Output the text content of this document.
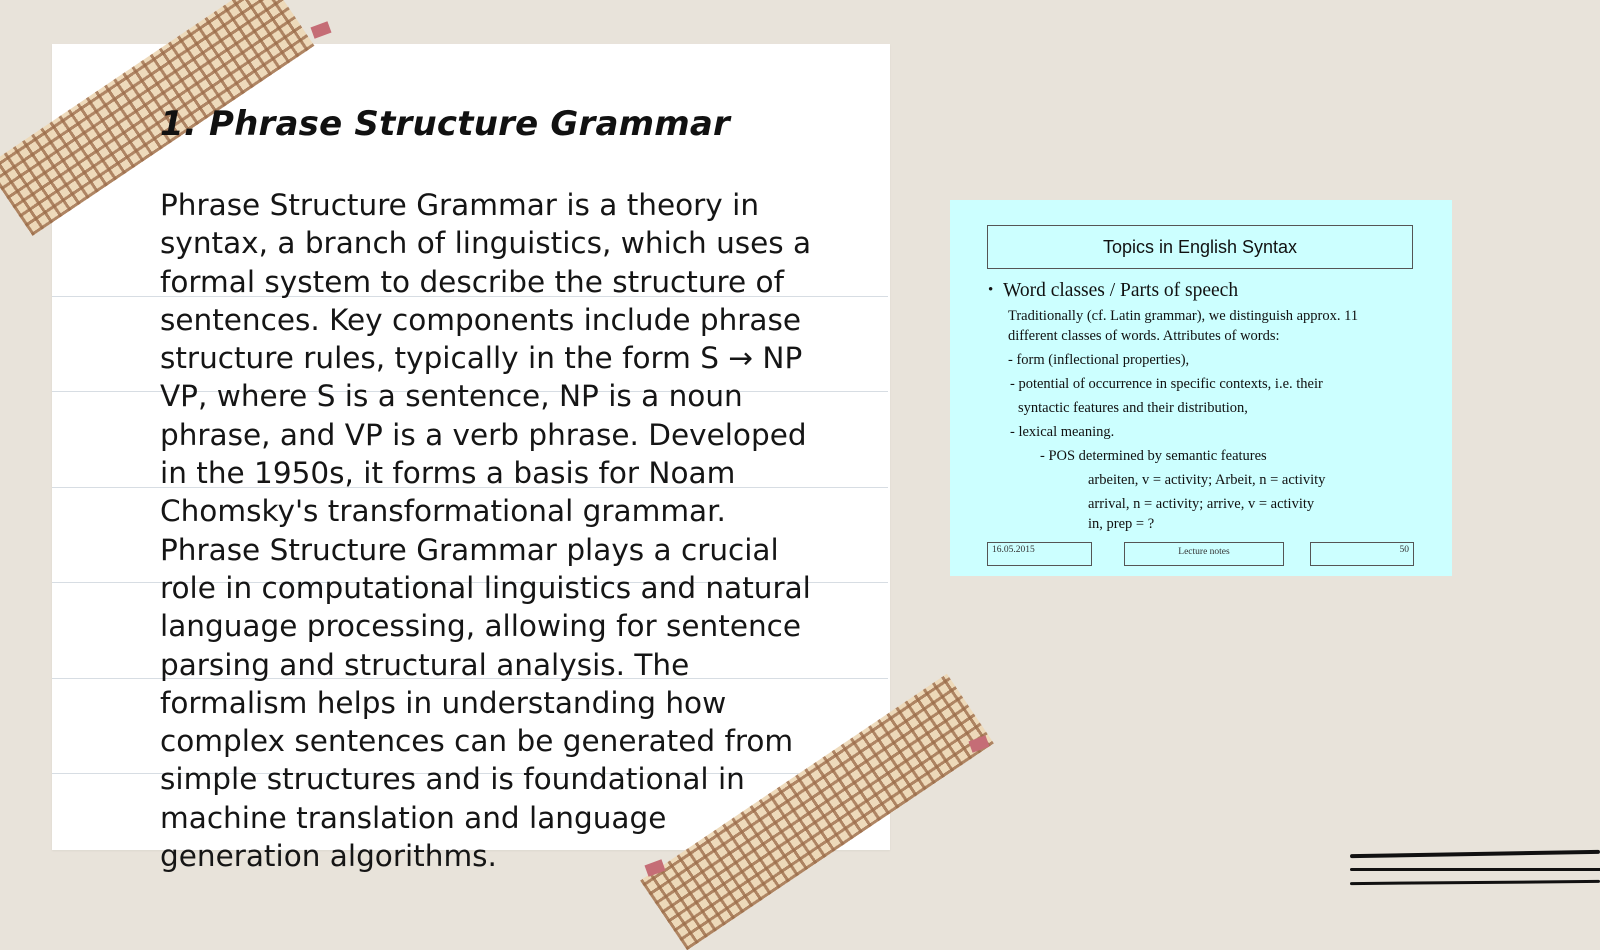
1. Phrase Structure Grammar

Phrase Structure Grammar is a theory in syntax, a branch of linguistics, which uses a formal system to describe the structure of sentences. Key components include phrase structure rules, typically in the form S → NP VP, where S is a sentence, NP is a noun phrase, and VP is a verb phrase. Developed in the 1950s, it forms a basis for Noam Chomsky's transformational grammar. Phrase Structure Grammar plays a crucial role in computational linguistics and natural language processing, allowing for sentence parsing and structural analysis. The formalism helps in understanding how complex sentences can be generated from simple structures and is foundational in machine translation and language generation algorithms.

Topics in English Syntax
• Word classes / Parts of speech
Traditionally (cf. Latin grammar), we distinguish approx. 11
different classes of words. Attributes of words:
- form (inflectional properties),
- potential of occurrence in specific contexts, i.e. their
syntactic features and their distribution,
- lexical meaning.
- POS determined by semantic features
arbeiten, v = activity; Arbeit, n = activity
arrival, n = activity; arrive, v = activity
in, prep = ?
16.05.2015	Lecture notes	50
